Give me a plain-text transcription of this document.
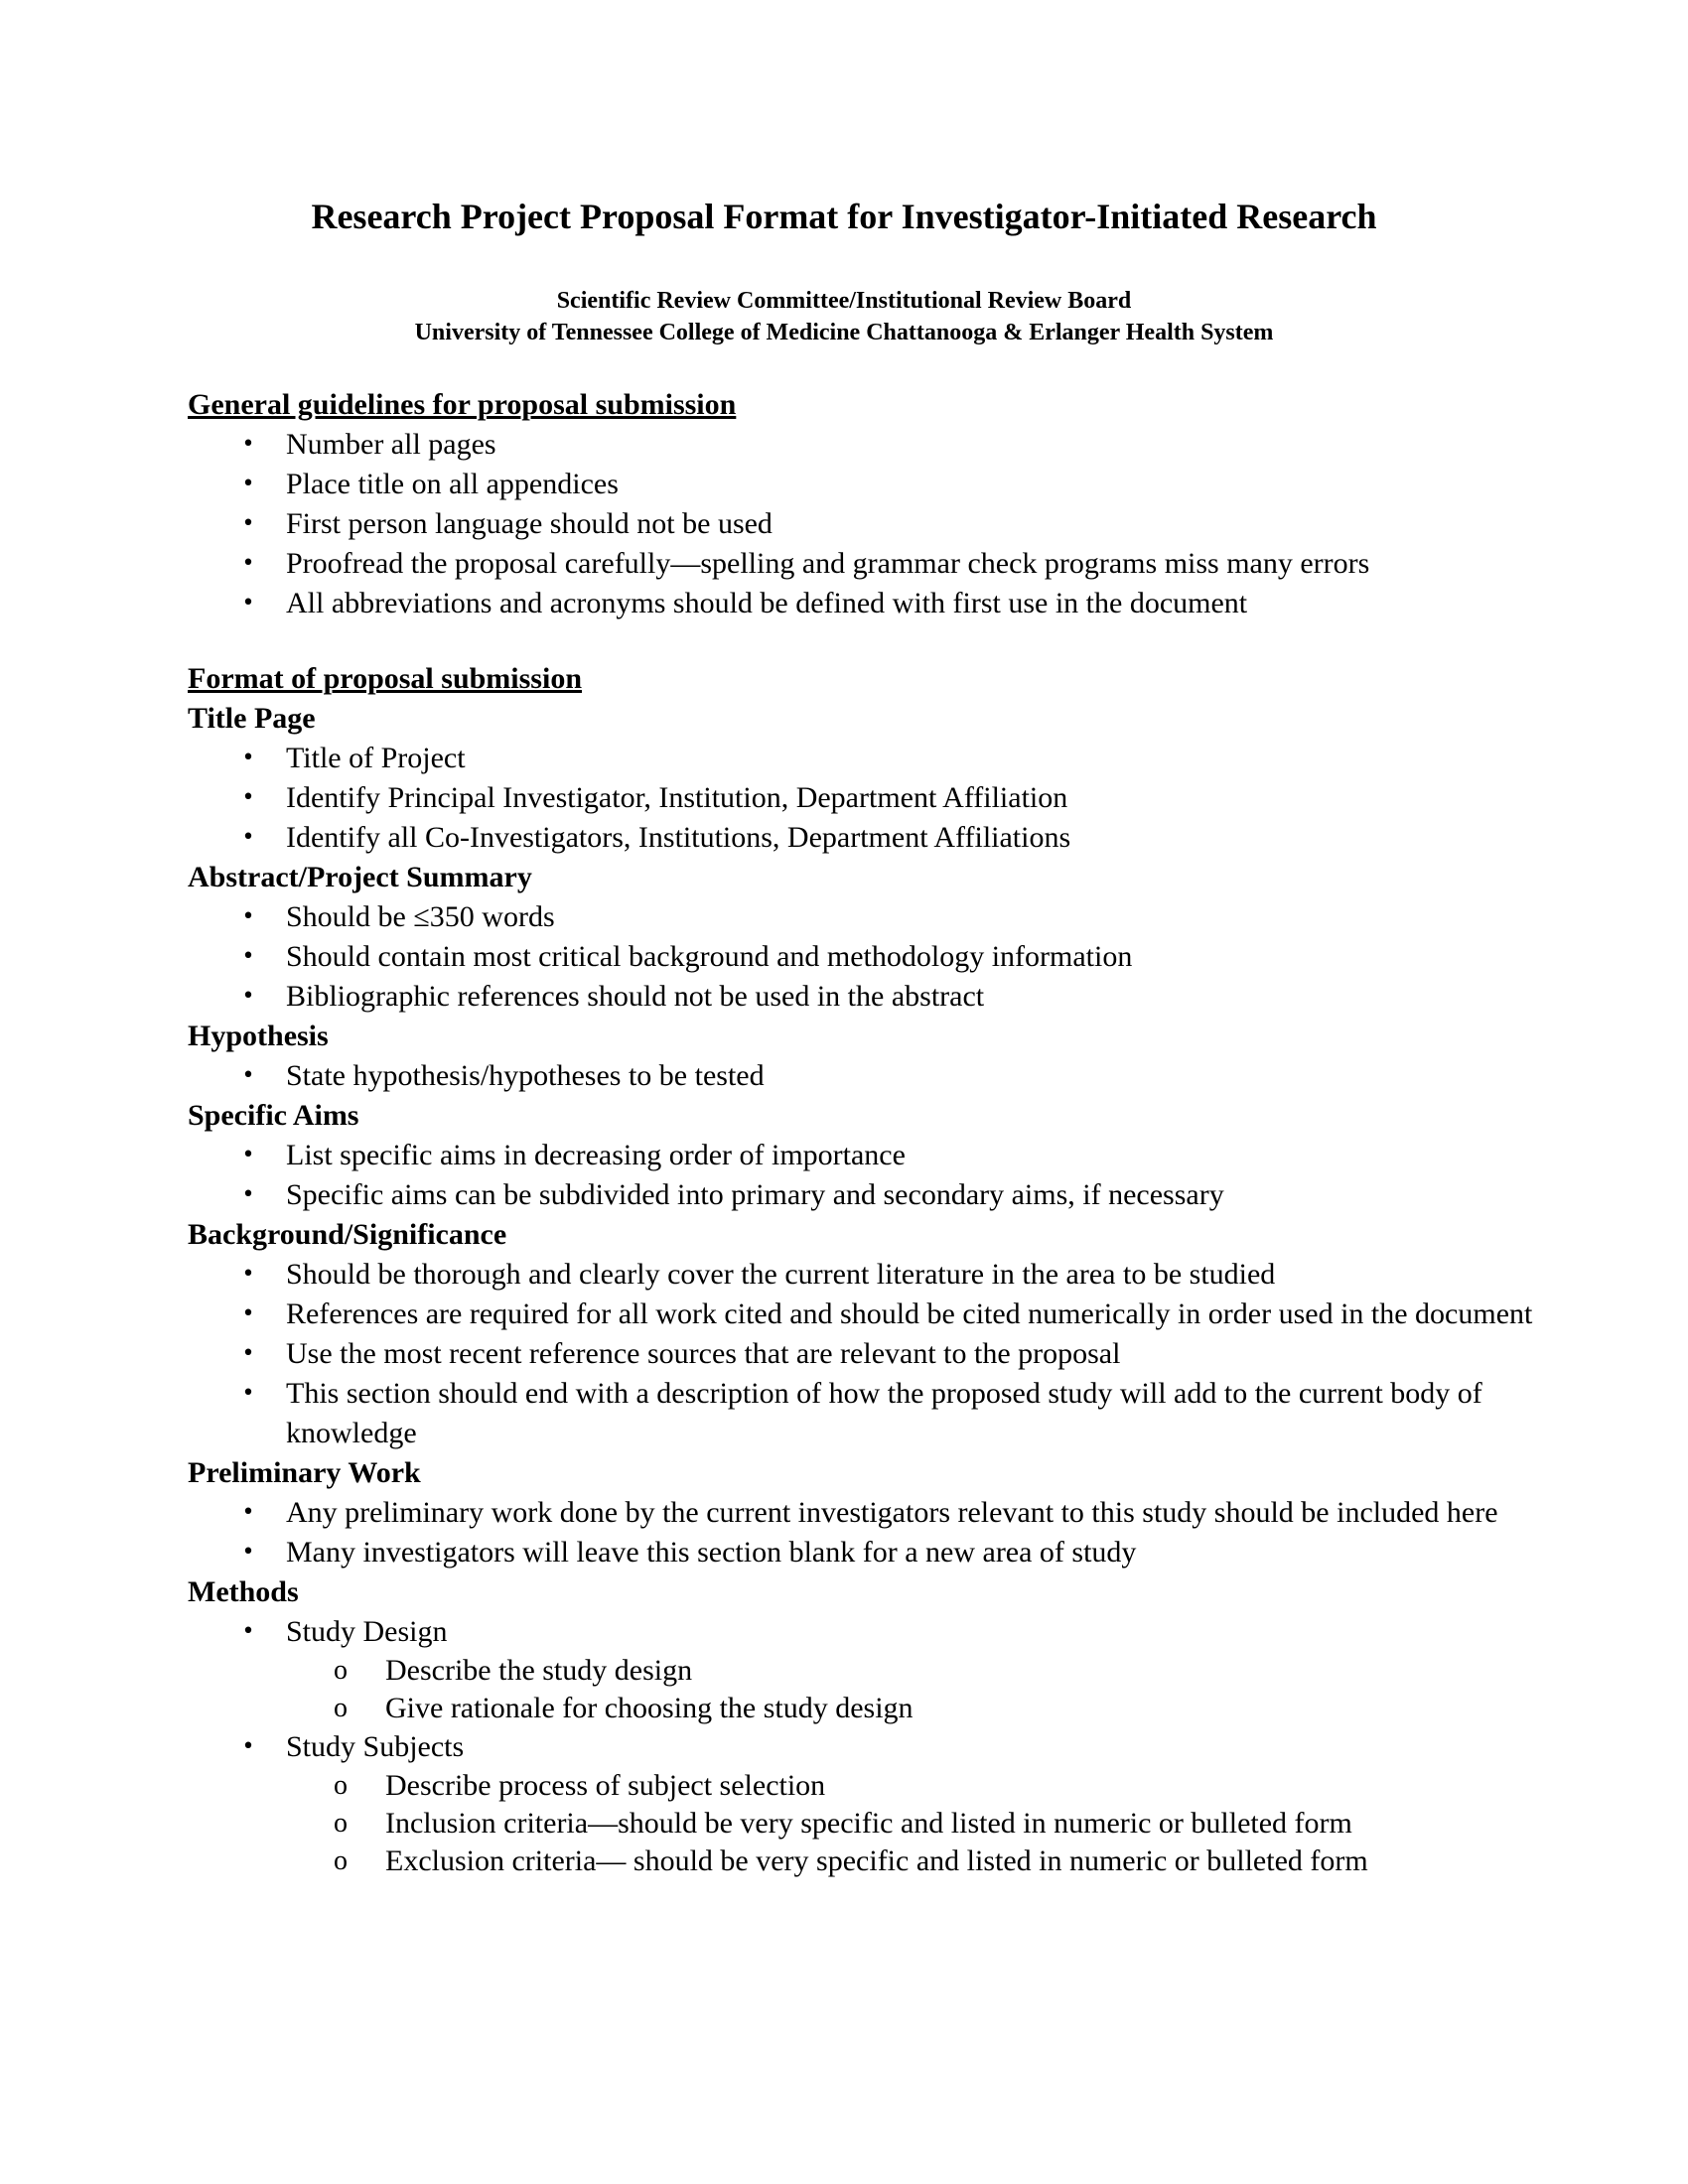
Research Project Proposal Format for Investigator-Initiated Research

Scientific Review Committee/Institutional Review Board

University of Tennessee College of Medicine Chattanooga & Erlanger Health System

General guidelines for proposal submission

• Number all pages
• Place title on all appendices
• First person language should not be used
• Proofread the proposal carefully—spelling and grammar check programs miss many errors
• All abbreviations and acronyms should be defined with first use in the document

Format of proposal submission

Title Page

• Title of Project
• Identify Principal Investigator, Institution, Department Affiliation
• Identify all Co-Investigators, Institutions, Department Affiliations

Abstract/Project Summary

• Should be ≤350 words
• Should contain most critical background and methodology information
• Bibliographic references should not be used in the abstract

Hypothesis

• State hypothesis/hypotheses to be tested

Specific Aims

• List specific aims in decreasing order of importance
• Specific aims can be subdivided into primary and secondary aims, if necessary

Background/Significance

• Should be thorough and clearly cover the current literature in the area to be studied
• References are required for all work cited and should be cited numerically in order used in the document
• Use the most recent reference sources that are relevant to the proposal
• This section should end with a description of how the proposed study will add to the current body of knowledge

Preliminary Work

• Any preliminary work done by the current investigators relevant to this study should be included here
• Many investigators will leave this section blank for a new area of study

Methods

• Study Design
o Describe the study design
o Give rationale for choosing the study design
• Study Subjects
o Describe process of subject selection
o Inclusion criteria—should be very specific and listed in numeric or bulleted form
o Exclusion criteria— should be very specific and listed in numeric or bulleted form
